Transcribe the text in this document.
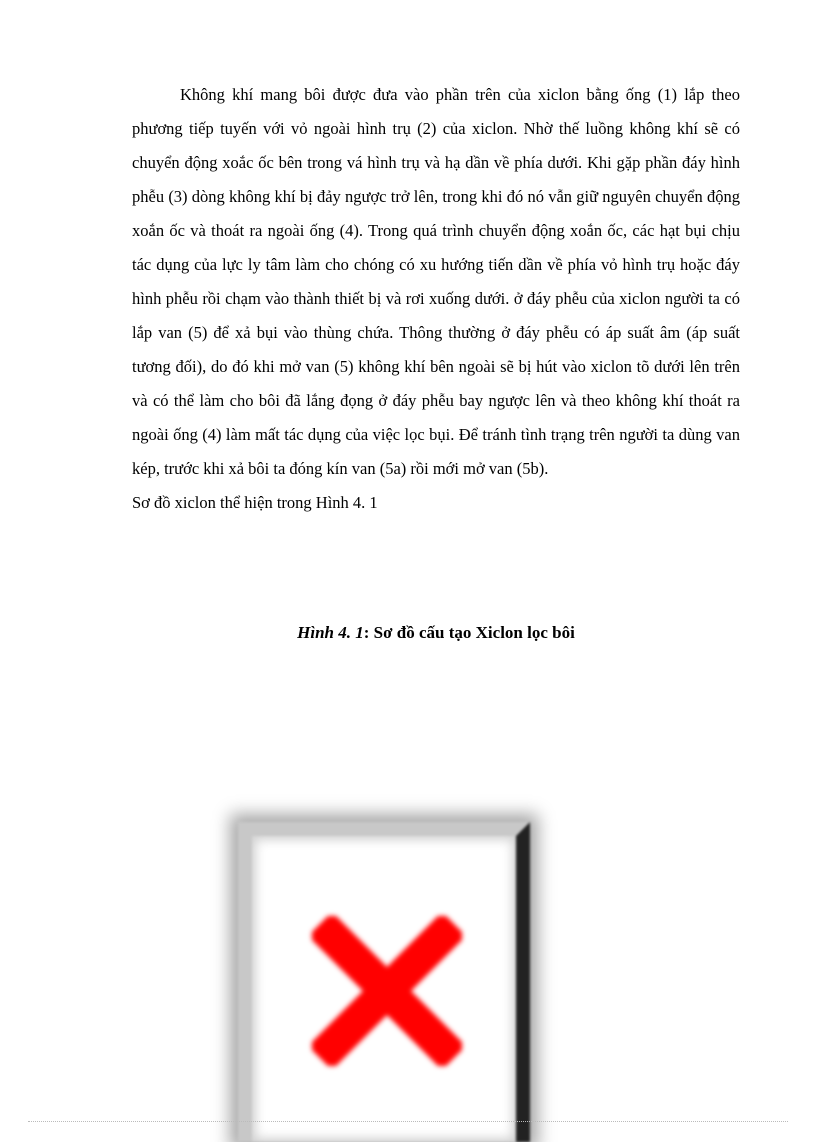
Không khí mang bôi được đưa vào phần trên của xiclon bằng ống (1) lắp theo phương tiếp tuyến với vỏ ngoài hình trụ (2) của xiclon. Nhờ thế luồng không khí sẽ có chuyển động xoắc ốc bên trong vá hình trụ và hạ dần về phía dưới. Khi gặp phần đáy hình phễu (3) dòng không khí bị đảy ngược trở lên, trong khi đó nó vẫn giữ nguyên chuyển động xoắn ốc và thoát ra ngoài ống (4). Trong quá trình chuyển động xoắn ốc, các hạt bụi chịu tác dụng của lực ly tâm làm cho chóng có xu hướng tiến dần về phía vỏ hình trụ hoặc đáy hình phễu rồi chạm vào thành thiết bị và rơi xuống dưới. ở đáy phễu của xiclon người ta có lắp van (5) để xả bụi vào thùng chứa. Thông thường ở đáy phễu có áp suất âm (áp suất tương đối), do đó khi mở van (5) không khí bên ngoài sẽ bị hút vào xiclon tõ dưới lên trên và có thể làm cho bôi đã lắng đọng ở đáy phễu bay ngược lên và theo không khí thoát ra ngoài ống (4) làm mất tác dụng của việc lọc bụi. Để tránh tình trạng trên người ta dùng van kép, trước khi xả bôi ta đóng kín van (5a) rồi mới mở van (5b).

Sơ đồ xiclon thể hiện trong Hình 4. 1

Hình 4. 1: Sơ đồ cấu tạo Xiclon lọc bôi
